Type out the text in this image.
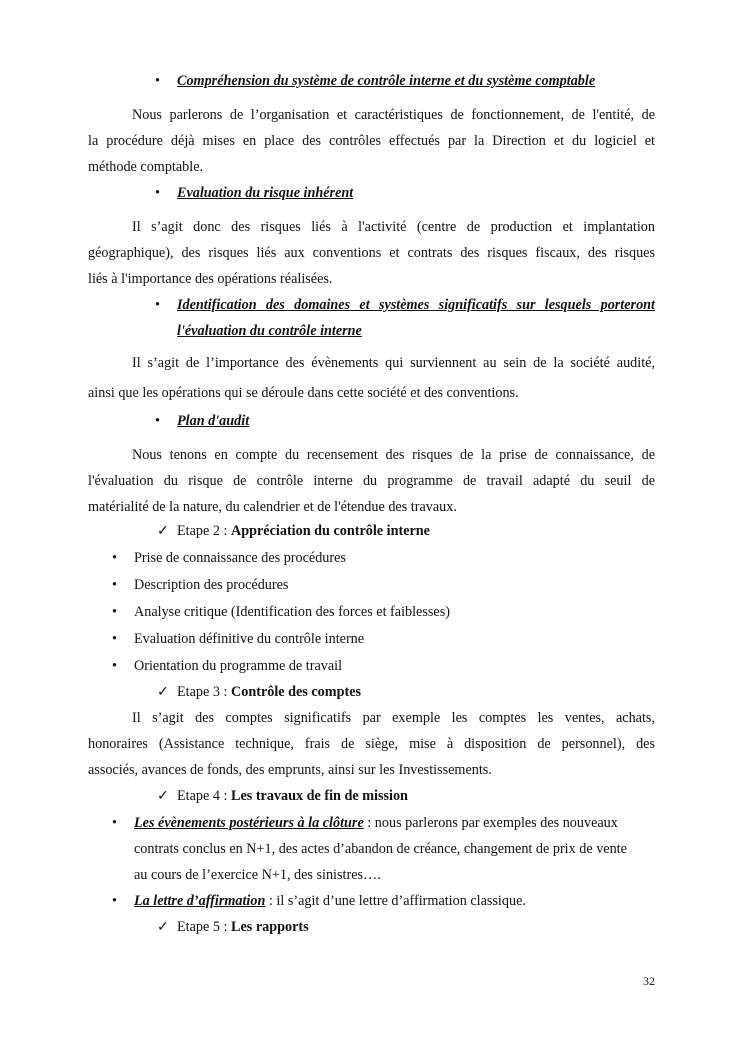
• Compréhension du système de contrôle interne et du système comptable
Nous parlerons de l’organisation et caractéristiques de fonctionnement, de l'entité, de
la procédure déjà mises en place des contrôles effectués par la Direction et du logiciel et
méthode comptable.
• Evaluation du risque inhérent
Il s’agit donc des risques liés à l'activité (centre de production et implantation
géographique), des risques liés aux conventions et contrats des risques fiscaux, des risques
liés à l'importance des opérations réalisées.
• Identification des domaines et systèmes significatifs sur lesquels porteront
l'évaluation du contrôle interne
Il s’agit de l’importance des évènements qui surviennent au sein de la société audité,
ainsi que les opérations qui se déroule dans cette société et des conventions.
• Plan d'audit
Nous tenons en compte du recensement des risques de la prise de connaissance, de
l'évaluation du risque de contrôle interne du programme de travail adapté du seuil de
matérialité de la nature, du calendrier et de l'étendue des travaux.
✓ Etape 2 : Appréciation du contrôle interne
• Prise de connaissance des procédures
• Description des procédures
• Analyse critique (Identification des forces et faiblesses)
• Evaluation définitive du contrôle interne
• Orientation du programme de travail
✓ Etape 3 : Contrôle des comptes
Il s’agit des comptes significatifs par exemple les comptes les ventes, achats,
honoraires (Assistance technique, frais de siège, mise à disposition de personnel), des
associés, avances de fonds, des emprunts, ainsi sur les Investissements.
✓ Etape 4 : Les travaux de fin de mission
• Les évènements postérieurs à la clôture : nous parlerons par exemples des nouveaux
contrats conclus en N+1, des actes d’abandon de créance, changement de prix de vente
au cours de l’exercice N+1, des sinistres….
• La lettre d’affirmation : il s’agit d’une lettre d’affirmation classique.
✓ Etape 5 : Les rapports
32
